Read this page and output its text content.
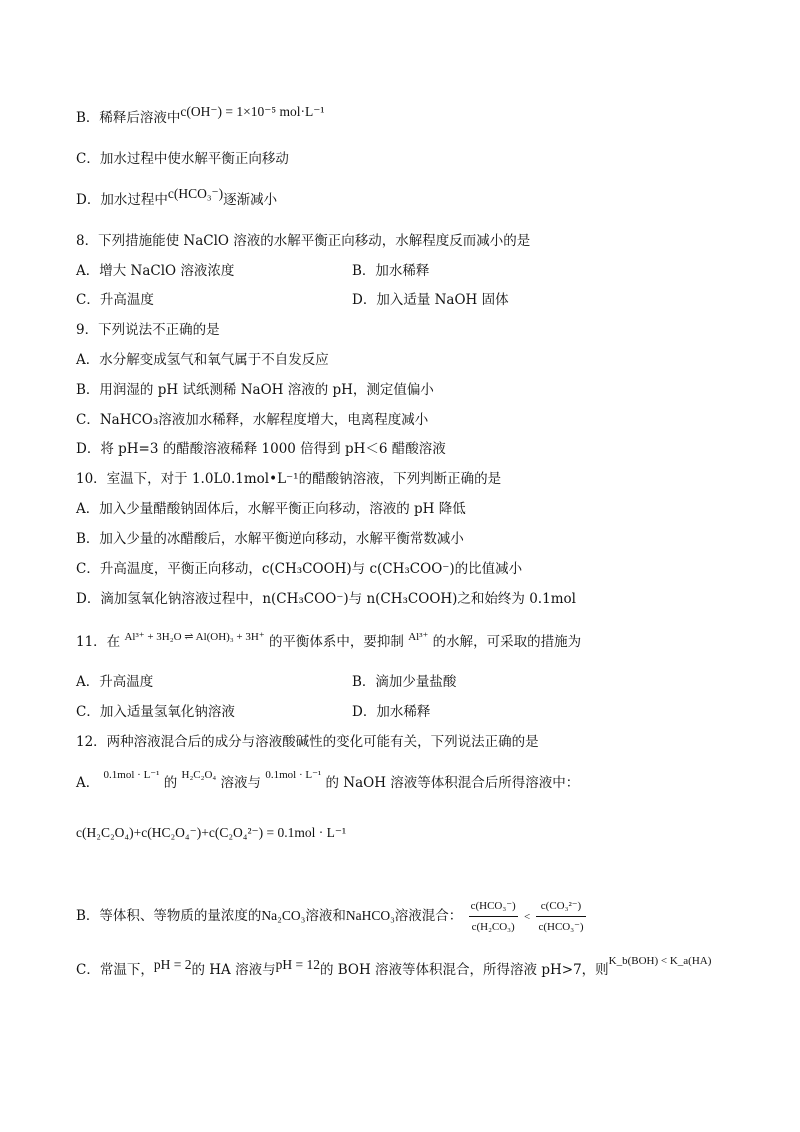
B．稀释后溶液中c(OH⁻) = 1×10⁻⁵ mol·L⁻¹
C．加水过程中使水解平衡正向移动
D．加水过程中c(HCO₃⁻)逐渐减小
8．下列措施能使 NaClO 溶液的水解平衡正向移动，水解程度反而减小的是
A．增大 NaClO 溶液浓度	B．加水稀释
C．升高温度	D．加入适量 NaOH 固体
9．下列说法不正确的是
A．水分解变成氢气和氧气属于不自发反应
B．用润湿的 pH 试纸测稀 NaOH 溶液的 pH，测定值偏小
C．NaHCO₃溶液加水稀释，水解程度增大，电离程度减小
D．将 pH=3 的醋酸溶液稀释 1000 倍得到 pH＜6 醋酸溶液
10．室温下，对于 1.0L0.1mol•L⁻¹的醋酸钠溶液，下列判断正确的是
A．加入少量醋酸钠固体后，水解平衡正向移动，溶液的 pH 降低
B．加入少量的冰醋酸后，水解平衡逆向移动，水解平衡常数减小
C．升高温度，平衡正向移动，c(CH₃COOH)与 c(CH₃COO⁻)的比值减小
D．滴加氢氧化钠溶液过程中，n(CH₃COO⁻)与 n(CH₃COOH)之和始终为 0.1mol
11．在 $^{Al^{3+} + 3H_2O \rightleftharpoons Al(OH)_3 + 3H^+}$ 的平衡体系中，要抑制 $^{Al^{3+}}$ 的水解，可采取的措施为
A．升高温度	B．滴加少量盐酸
C．加入适量氢氧化钠溶液	D．加水稀释
12．两种溶液混合后的成分与溶液酸碱性的变化可能有关，下列说法正确的是
A． $^{0.1mol \cdot L^{-1}}$ 的 $^{H_2C_2O_4}$ 溶液与 $^{0.1mol \cdot L^{-1}}$ 的 NaOH 溶液等体积混合后所得溶液中：
c(H₂C₂O₄)+c(HC₂O₄⁻)+c(C₂O₄²⁻) = 0.1mol · L⁻¹
B．等体积、等物质的量浓度的Na₂CO₃溶液和NaHCO₃溶液混合： $\frac{\text{c(HCO₃⁻)}}{\text{c(H₂CO₃)}} < \frac{\text{c(CO₃²⁻)}}{\text{c(HCO₃⁻)}}$
C．常温下，pH = 2的 HA 溶液与pH = 12的 BOH 溶液等体积混合，所得溶液 pH>7，则$^{K\_b(BOH) < K\_a(HA)}$
